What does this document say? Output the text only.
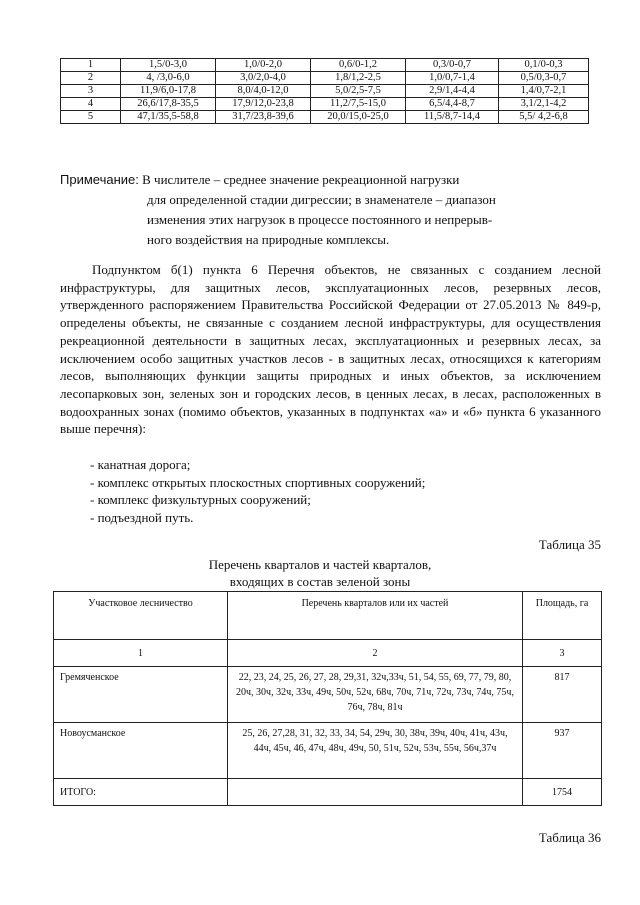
1	1,5/0-3,0	1,0/0-2,0	0,6/0-1,2	0,3/0-0,7	0,1/0-0,3
2	4, /3,0-6,0	3,0/2,0-4,0	1,8/1,2-2,5	1,0/0,7-1,4	0,5/0,3-0,7
3	11,9/6,0-17,8	8,0/4,0-12,0	5,0/2,5-7,5	2,9/1,4-4,4	1,4/0,7-2,1
4	26,6/17,8-35,5	17,9/12,0-23,8	11,2/7,5-15,0	6,5/4,4-8,7	3,1/2,1-4,2
5	47,1/35,5-58,8	31,7/23,8-39,6	20,0/15,0-25,0	11,5/8,7-14,4	5,5/ 4,2-6,8
Примечание: В числителе – среднее значение рекреационной нагрузки
для определенной стадии дигрессии; в знаменателе – диапазон
изменения этих нагрузок в процессе постоянного и непрерыв-
ного воздействия на природные комплексы.

Подпунктом б(1) пункта 6 Перечня объектов, не связанных с созданием лесной инфраструктуры, для защитных лесов, эксплуатационных лесов, резервных лесов, утвержденного распоряжением Правительства Российской Федерации от 27.05.2013 № 849-р, определены объекты, не связанные с созданием лесной инфраструктуры, для осуществления рекреационной деятельности в защитных лесах, эксплуатационных и резервных лесах, за исключением особо защитных участков лесов - в защитных лесах, относящихся к категориям лесов, выполняющих функции защиты природных и иных объектов, за исключением лесопарковых зон, зеленых зон и городских лесов, в ценных лесах, в лесах, расположенных в водоохранных зонах (помимо объектов, указанных в подпунктах «а» и «б» пункта 6 указанного выше перечня):

- канатная дорога;
- комплекс открытых плоскостных спортивных сооружений;
- комплекс физкультурных сооружений;
- подъездной путь.
Таблица 35
Перечень кварталов и частей кварталов,
входящих в состав зеленой зоны
Участковое лесничество	Перечень кварталов или их частей	Площадь, га
1	2	3
Гремяченское	22, 23, 24, 25, 26, 27, 28, 29,31, 32ч,33ч, 51, 54, 55, 69, 77, 79, 80, 20ч, 30ч, 32ч, 33ч, 49ч, 50ч, 52ч, 68ч, 70ч, 71ч, 72ч, 73ч, 74ч, 75ч, 76ч, 78ч, 81ч	817
Новоусманское	25, 26, 27,28, 31, 32, 33, 34, 54, 29ч, 30, 38ч, 39ч, 40ч, 41ч, 43ч, 44ч, 45ч, 46, 47ч, 48ч, 49ч, 50, 51ч, 52ч, 53ч, 55ч, 56ч,37ч	937
ИТОГО:		1754
Таблица 36
